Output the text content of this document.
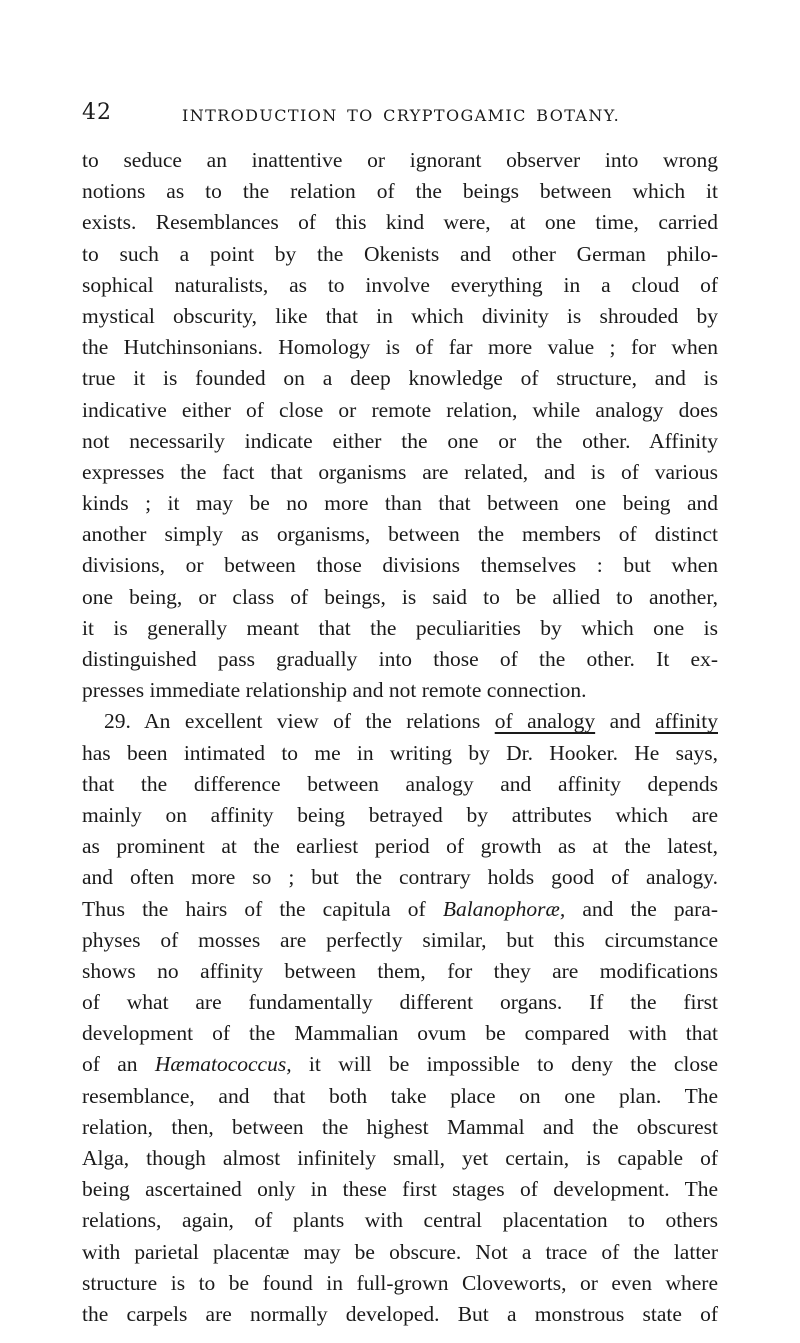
42	INTRODUCTION TO CRYPTOGAMIC BOTANY.
to seduce an inattentive or ignorant observer into wrong
notions as to the relation of the beings between which it
exists. Resemblances of this kind were, at one time, carried
to such a point by the Okenists and other German philo-
sophical naturalists, as to involve everything in a cloud of
mystical obscurity, like that in which divinity is shrouded by
the Hutchinsonians. Homology is of far more value ; for when
true it is founded on a deep knowledge of structure, and is
indicative either of close or remote relation, while analogy does
not necessarily indicate either the one or the other. Affinity
expresses the fact that organisms are related, and is of various
kinds ; it may be no more than that between one being and
another simply as organisms, between the members of distinct
divisions, or between those divisions themselves : but when
one being, or class of beings, is said to be allied to another,
it is generally meant that the peculiarities by which one is
distinguished pass gradually into those of the other. It ex-
presses immediate relationship and not remote connection.
29. An excellent view of the relations of analogy and affinity
has been intimated to me in writing by Dr. Hooker. He says,
that the difference between analogy and affinity depends
mainly on affinity being betrayed by attributes which are
as prominent at the earliest period of growth as at the latest,
and often more so ; but the contrary holds good of analogy.
Thus the hairs of the capitula of Balanophoræ, and the para-
physes of mosses are perfectly similar, but this circumstance
shows no affinity between them, for they are modifications
of what are fundamentally different organs. If the first
development of the Mammalian ovum be compared with that
of an Hæmatococcus, it will be impossible to deny the close
resemblance, and that both take place on one plan. The
relation, then, between the highest Mammal and the obscurest
Alga, though almost infinitely small, yet certain, is capable of
being ascertained only in these first stages of development. The
relations, again, of plants with central placentation to others
with parietal placentæ may be obscure. Not a trace of the latter
structure is to be found in full-grown Cloveworts, or even where
the carpels are normally developed. But a monstrous state of
